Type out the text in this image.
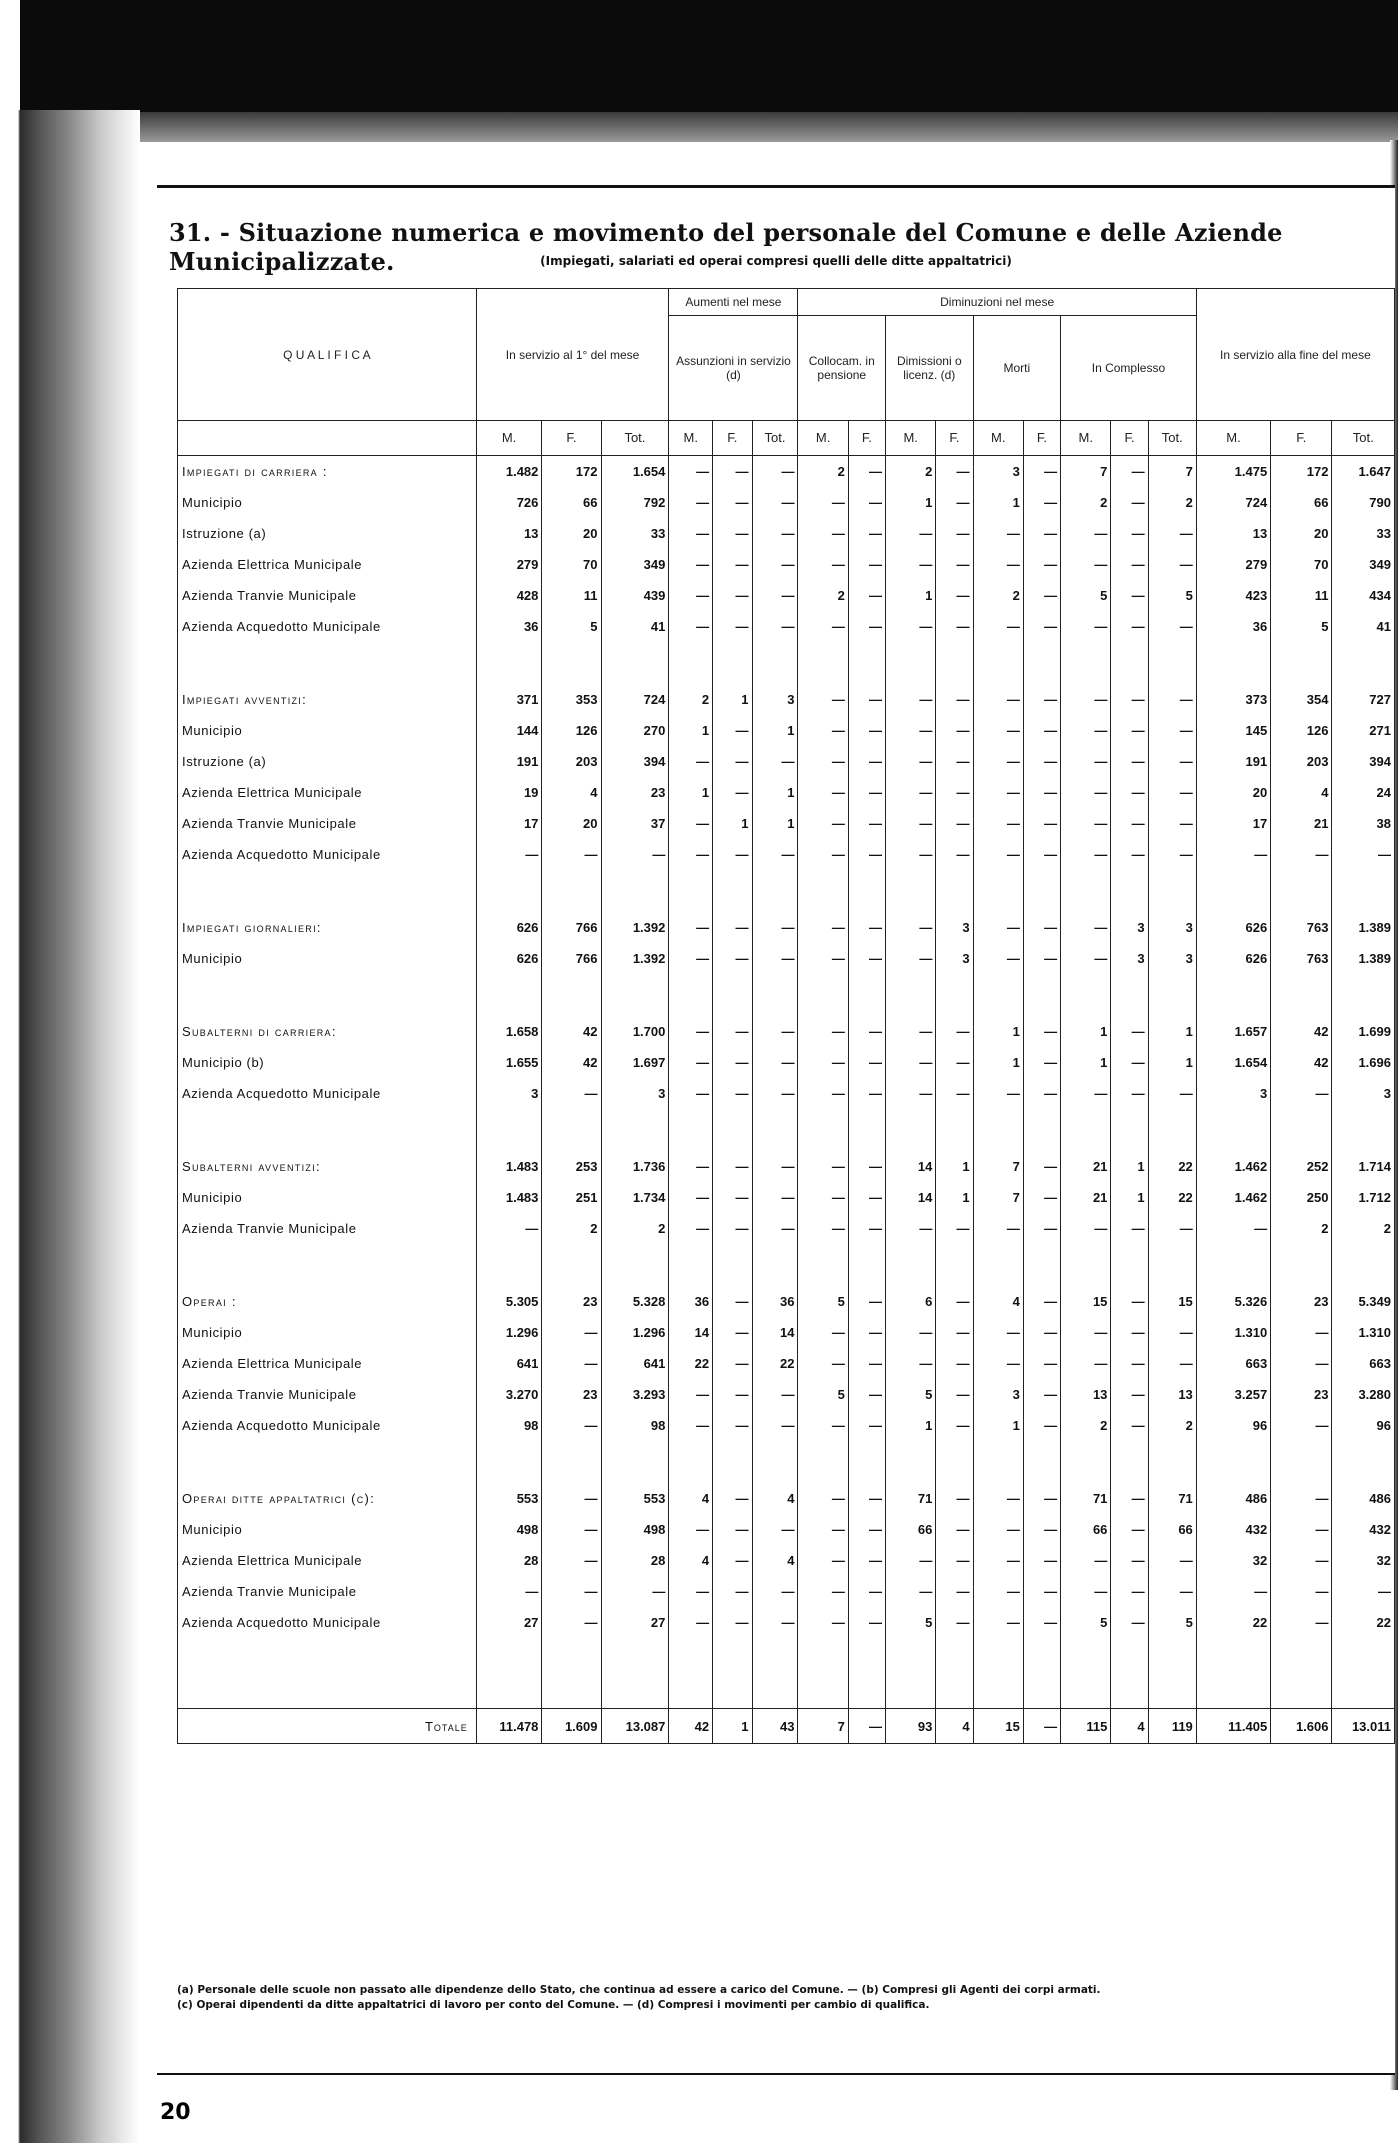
31. - Situazione numerica e movimento del personale del Comune e delle Aziende Municipalizzate.	(Impiegati, salariati ed operai compresi quelli delle ditte appaltatrici)
Q U A L I F I C A	In servizio al 1° del mese			Aumenti nel mese			Diminuzioni nel mese									In servizio alla fine del mese		
				Assunzioni in servizio (d)			Collocam. in pensione		Dimissioni o licenz. (d)		Morti		In Complesso					
	M.	F.	Tot.	M.	F.	Tot.	M.	F.	M.	F.	M.	F.	M.	F.	Tot.	M.	F.	Tot.
Impiegati di carriera :	1.482	172	1.654	—	—	—	2	—	2	—	3	—	7	—	7	1.475	172	1.647
Municipio	726	66	792	—	—	—	—	—	1	—	1	—	2	—	2	724	66	790
Istruzione (a)	13	20	33	—	—	—	—	—	—	—	—	—	—	—	—	13	20	33
Azienda Elettrica Municipale	279	70	349	—	—	—	—	—	—	—	—	—	—	—	—	279	70	349
Azienda Tranvie Municipale	428	11	439	—	—	—	2	—	1	—	2	—	5	—	5	423	11	434
Azienda Acquedotto Municipale	36	5	41	—	—	—	—	—	—	—	—	—	—	—	—	36	5	41

Impiegati avventizi:	371	353	724	2	1	3	—	—	—	—	—	—	—	—	—	373	354	727
Municipio	144	126	270	1	—	1	—	—	—	—	—	—	—	—	—	145	126	271
Istruzione (a)	191	203	394	—	—	—	—	—	—	—	—	—	—	—	—	191	203	394
Azienda Elettrica Municipale	19	4	23	1	—	1	—	—	—	—	—	—	—	—	—	20	4	24
Azienda Tranvie Municipale	17	20	37	—	1	1	—	—	—	—	—	—	—	—	—	17	21	38
Azienda Acquedotto Municipale	—	—	—	—	—	—	—	—	—	—	—	—	—	—	—	—	—	—

Impiegati giornalieri:	626	766	1.392	—	—	—	—	—	—	3	—	—	—	3	3	626	763	1.389
Municipio	626	766	1.392	—	—	—	—	—	—	3	—	—	—	3	3	626	763	1.389

Subalterni di carriera:	1.658	42	1.700	—	—	—	—	—	—	—	1	—	1	—	1	1.657	42	1.699
Municipio (b)	1.655	42	1.697	—	—	—	—	—	—	—	1	—	1	—	1	1.654	42	1.696
Azienda Acquedotto Municipale	3	—	3	—	—	—	—	—	—	—	—	—	—	—	—	3	—	3

Subalterni avventizi:	1.483	253	1.736	—	—	—	—	—	14	1	7	—	21	1	22	1.462	252	1.714
Municipio	1.483	251	1.734	—	—	—	—	—	14	1	7	—	21	1	22	1.462	250	1.712
Azienda Tranvie Municipale	—	2	2	—	—	—	—	—	—	—	—	—	—	—	—	—	2	2

Operai :	5.305	23	5.328	36	—	36	5	—	6	—	4	—	15	—	15	5.326	23	5.349
Municipio	1.296	—	1.296	14	—	14	—	—	—	—	—	—	—	—	—	1.310	—	1.310
Azienda Elettrica Municipale	641	—	641	22	—	22	—	—	—	—	—	—	—	—	—	663	—	663
Azienda Tranvie Municipale	3.270	23	3.293	—	—	—	5	—	5	—	3	—	13	—	13	3.257	23	3.280
Azienda Acquedotto Municipale	98	—	98	—	—	—	—	—	1	—	1	—	2	—	2	96	—	96

Operai ditte appaltatrici (c):	553	—	553	4	—	4	—	—	71	—	—	—	71	—	71	486	—	486
Municipio	498	—	498	—	—	—	—	—	66	—	—	—	66	—	66	432	—	432
Azienda Elettrica Municipale	28	—	28	4	—	4	—	—	—	—	—	—	—	—	—	32	—	32
Azienda Tranvie Municipale	—	—	—	—	—	—	—	—	—	—	—	—	—	—	—	—	—	—
Azienda Acquedotto Municipale	27	—	27	—	—	—	—	—	5	—	—	—	5	—	5	22	—	22

Totale	11.478	1.609	13.087	42	1	43	7	—	93	4	15	—	115	4	119	11.405	1.606	13.011
(a) Personale delle scuole non passato alle dipendenze dello Stato, che continua ad essere a carico del Comune. — (b) Compresi gli Agenti dei corpi armati.
(c) Operai dipendenti da ditte appaltatrici di lavoro per conto del Comune. — (d) Compresi i movimenti per cambio di qualifica.
20
